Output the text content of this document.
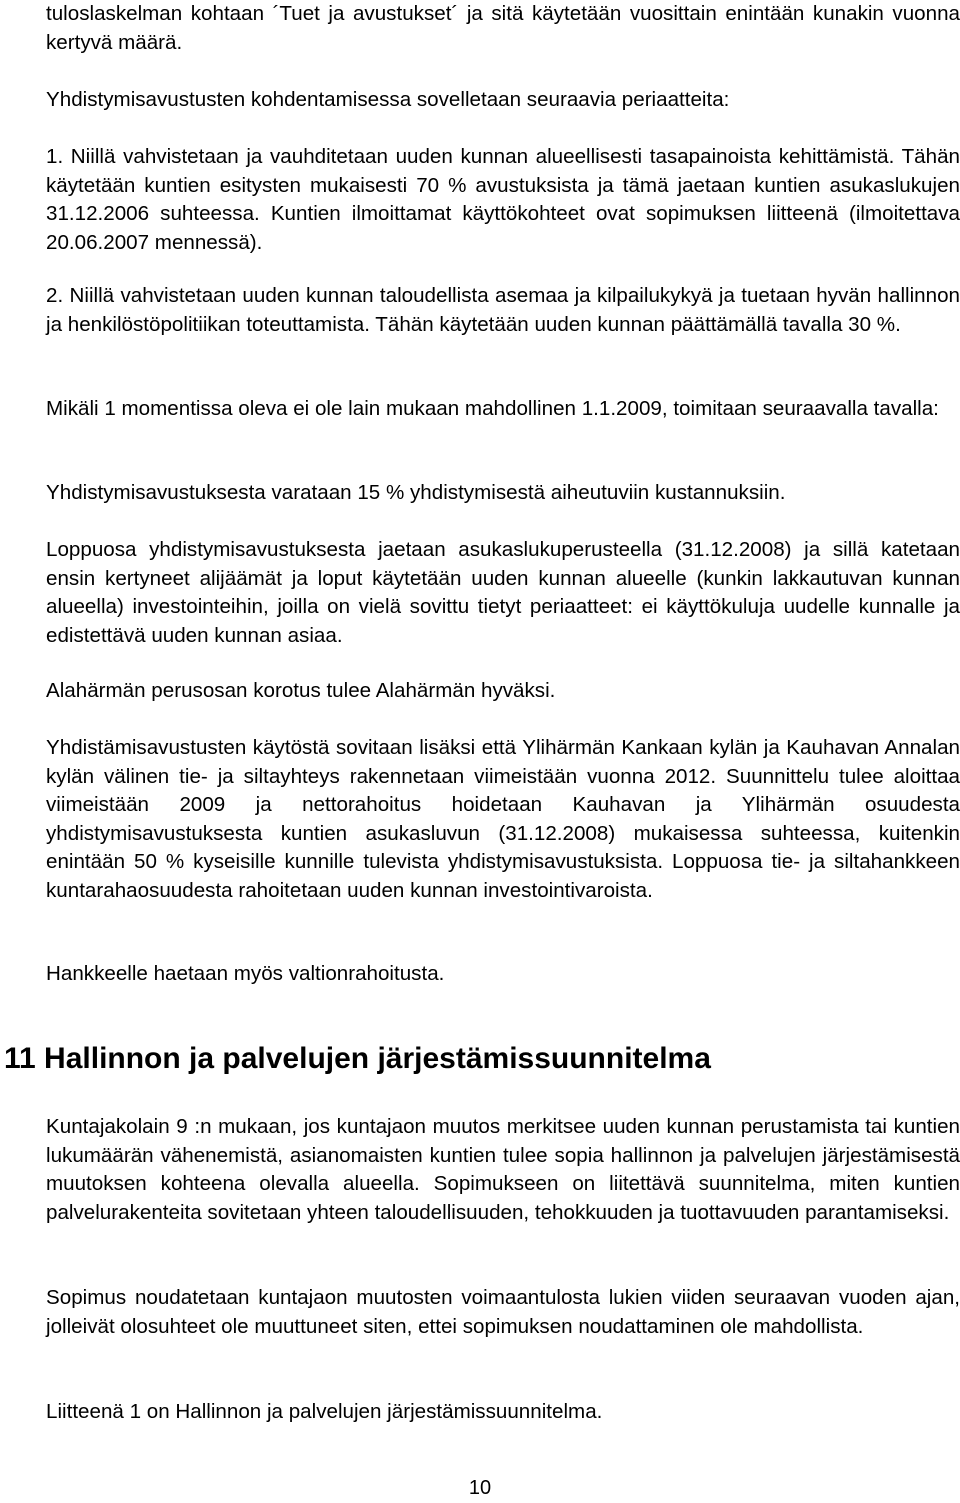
tuloslaskelman kohtaan ´Tuet ja avustukset´ ja sitä käytetään vuosittain enintään kunakin vuonna kertyvä määrä.

Yhdistymisavustusten kohdentamisessa sovelletaan seuraavia periaatteita:

1. Niillä vahvistetaan ja vauhditetaan uuden kunnan alueellisesti tasapainoista kehittämistä. Tähän käytetään kuntien esitysten mukaisesti 70 % avustuksista ja tämä jaetaan kuntien asukaslukujen 31.12.2006 suhteessa. Kuntien ilmoittamat käyttökohteet ovat sopimuksen liitteenä (ilmoitettava 20.06.2007 mennessä).

2. Niillä vahvistetaan uuden kunnan taloudellista asemaa ja kilpailukykyä ja tuetaan hyvän hallinnon ja henkilöstöpolitiikan toteuttamista. Tähän käytetään uuden kunnan päättämällä tavalla 30 %.

Mikäli 1 momentissa oleva ei ole lain mukaan mahdollinen 1.1.2009, toimitaan seuraavalla tavalla:

Yhdistymisavustuksesta varataan 15 % yhdistymisestä aiheutuviin kustannuksiin.

Loppuosa yhdistymisavustuksesta jaetaan asukaslukuperusteella (31.12.2008) ja sillä katetaan ensin kertyneet alijäämät ja loput käytetään uuden kunnan alueelle (kunkin lakkautuvan kunnan alueella) investointeihin, joilla on vielä sovittu tietyt periaatteet: ei käyttökuluja uudelle kunnalle ja edistettävä uuden kunnan asiaa.

Alahärmän perusosan korotus tulee Alahärmän hyväksi.

Yhdistämisavustusten käytöstä sovitaan lisäksi että Ylihärmän Kankaan kylän ja Kauhavan Annalan kylän välinen tie- ja siltayhteys rakennetaan viimeistään vuonna 2012. Suunnittelu tulee aloittaa viimeistään 2009 ja nettorahoitus hoidetaan Kauhavan ja Ylihärmän osuudesta yhdistymisavustuksesta kuntien asukasluvun (31.12.2008) mukaisessa suhteessa, kuitenkin enintään 50 % kyseisille kunnille tulevista yhdistymisavustuksista. Loppuosa tie- ja siltahankkeen kuntarahaosuudesta rahoitetaan uuden kunnan investointivaroista.

Hankkeelle haetaan myös valtionrahoitusta.

11 Hallinnon ja palvelujen järjestämissuunnitelma

Kuntajakolain 9 :n mukaan, jos kuntajaon muutos merkitsee uuden kunnan perustamista tai kuntien lukumäärän vähenemistä, asianomaisten kuntien tulee sopia hallinnon ja palvelujen järjestämisestä muutoksen kohteena olevalla alueella. Sopimukseen on liitettävä suunnitelma, miten kuntien palvelurakenteita sovitetaan yhteen taloudellisuuden, tehokkuuden ja tuottavuuden parantamiseksi.

Sopimus noudatetaan kuntajaon muutosten voimaantulosta lukien viiden seuraavan vuoden ajan, jolleivät olosuhteet ole muuttuneet siten, ettei sopimuksen noudattaminen ole mahdollista.

Liitteenä 1 on Hallinnon ja palvelujen järjestämissuunnitelma.

10
